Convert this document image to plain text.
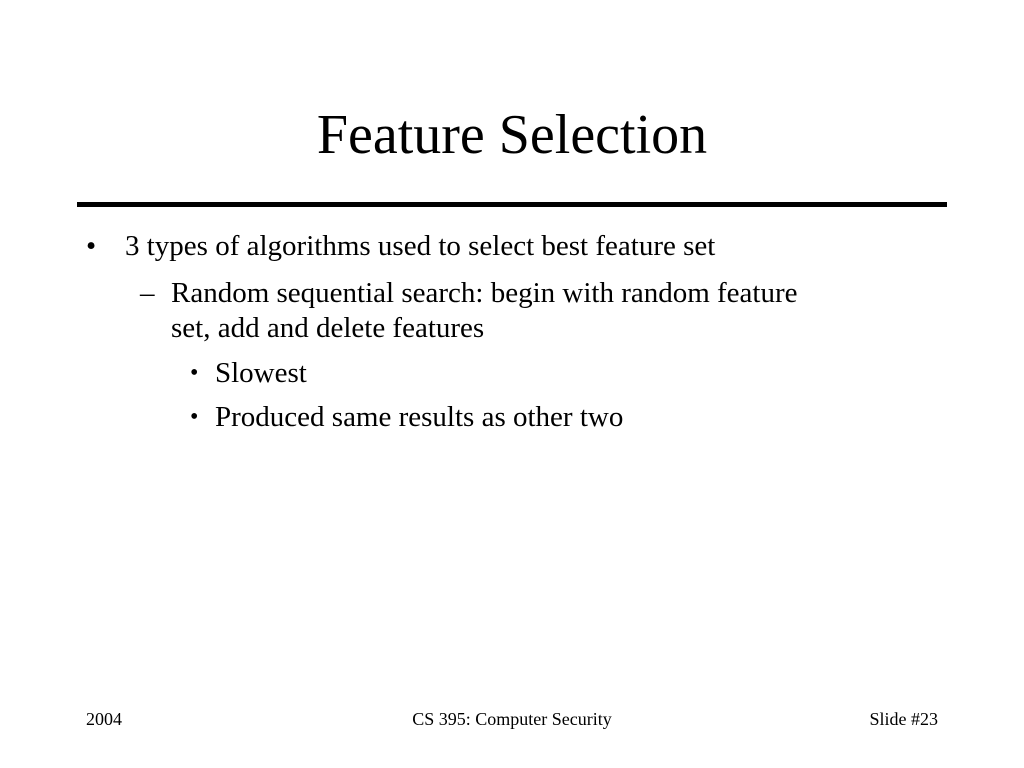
Feature Selection
• 3 types of algorithms used to select best feature set
– Random sequential search: begin with random feature
set, add and delete features
• Slowest
• Produced same results as other two
2004	CS 395: Computer Security	Slide #23
